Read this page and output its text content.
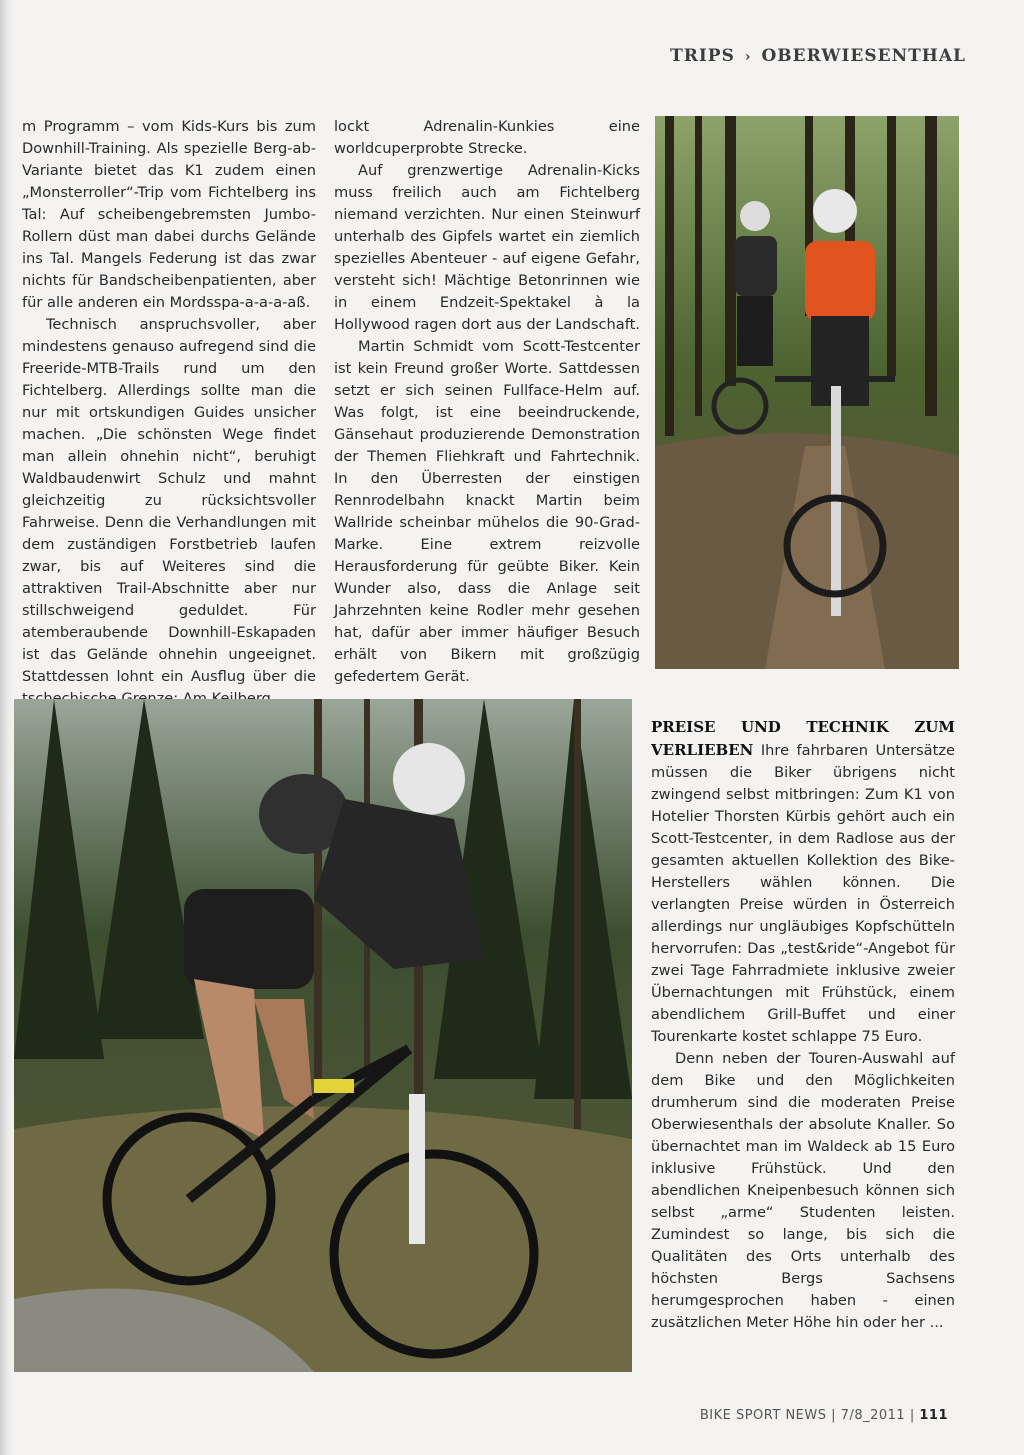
TRIPS › OBERWIESENTHAL

m Programm – vom Kids-Kurs bis zum Downhill-Training. Als spezielle Berg-ab-Variante bietet das K1 zudem einen „Monsterroller“-Trip vom Fichtelberg ins Tal: Auf scheibengebremsten Jumbo-Rollern düst man dabei durchs Gelände ins Tal. Mangels Federung ist das zwar nichts für Bandscheibenpatienten, aber für alle anderen ein Mordsspa-a-a-a-aß.

Technisch anspruchsvoller, aber mindestens genauso aufregend sind die Freeride-MTB-Trails rund um den Fichtelberg. Allerdings sollte man die nur mit ortskundigen Guides unsicher machen. „Die schönsten Wege findet man allein ohnehin nicht“, beruhigt Waldbaudenwirt Schulz und mahnt gleichzeitig zu rücksichtsvoller Fahrweise. Denn die Verhandlungen mit dem zuständigen Forstbetrieb laufen zwar, bis auf Weiteres sind die attraktiven Trail-Abschnitte aber nur stillschweigend geduldet. Für atemberaubende Downhill-Eskapaden ist das Gelände ohnehin ungeeignet. Stattdessen lohnt ein Ausflug über die

lockt Adrenalin-Kunkies eine worldcuperprobte Strecke.

Auf grenzwertige Adrenalin-Kicks muss freilich auch am Fichtelberg niemand verzichten. Nur einen Steinwurf unterhalb des Gipfels wartet ein ziemlich spezielles Abenteuer - auf eigene Gefahr, versteht sich! Mächtige Betonrinnen wie in einem Endzeit-Spektakel à la Hollywood ragen dort aus der Landschaft.

Martin Schmidt vom Scott-Testcenter ist kein Freund großer Worte. Sattdessen setzt er sich seinen Fullface-Helm auf. Was folgt, ist eine beeindruckende, Gänsehaut produzierende Demonstration der Themen Fliehkraft und Fahrtechnik. In den Überresten der einstigen Rennrodelbahn knackt Martin beim Wallride scheinbar mühelos die 90-Grad-Marke. Eine extrem reizvolle Herausforderung für geübte Biker. Kein Wunder also, dass die Anlage seit Jahrzehnten keine Rodler mehr gesehen hat, dafür aber immer häufiger Besuch erhält von Bikern mit großzügig gefedertem Gerät.

PREISE UND TECHNIK ZUM VERLIEBEN Ihre fahrbaren Untersätze müssen die Biker übrigens nicht zwingend selbst mitbringen: Zum K1 von Hotelier Thorsten Kürbis gehört auch ein Scott-Testcenter, in dem Radlose aus der gesamten aktuellen Kollektion des Bike-Herstellers wählen können. Die verlangten Preise würden in Österreich allerdings nur ungläubiges Kopfschütteln hervorrufen: Das „test&ride“-Angebot für zwei Tage Fahrradmiete inklusive zweier Übernachtungen mit Frühstück, einem abendlichem Grill-Buffet und einer Tourenkarte kostet schlappe 75 Euro.

Denn neben der Touren-Auswahl auf dem Bike und den Möglichkeiten drumherum sind die moderaten Preise Oberwiesenthals der absolute Knaller. So übernachtet man im Waldeck ab 15 Euro inklusive Frühstück. Und den abendlichen Kneipenbesuch können sich selbst „arme“ Studenten leisten. Zumindest so lange, bis sich die Qualitäten des Orts unterhalb des höchsten Bergs Sachsens herumgesprochen haben - einen zusätzlichen Meter Höhe hin oder her ...

BIKE SPORT NEWS | 7/8_2011 | 111
